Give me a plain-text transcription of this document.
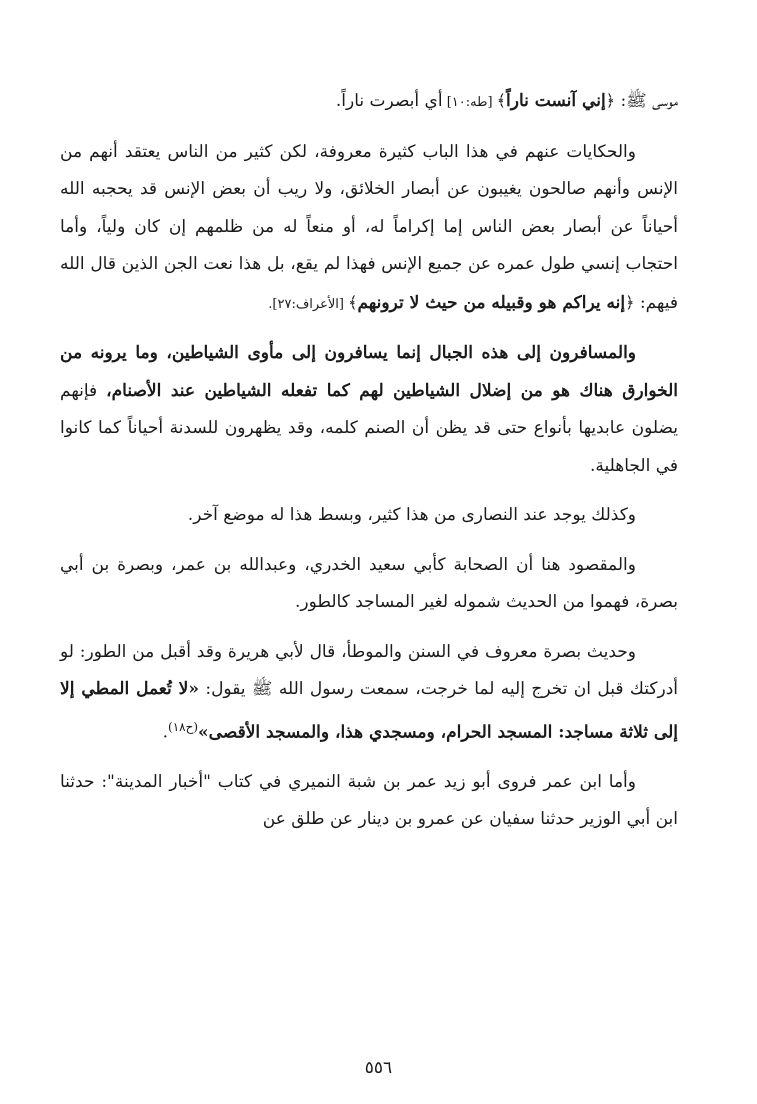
موسى ﷺ: ﴿إني آنست ناراً﴾ [طه:١٠] أي أبصرت ناراً.

والحكايات عنهم في هذا الباب كثيرة معروفة، لكن كثير من الناس يعتقد أنهم من الإنس وأنهم صالحون يغيبون عن أبصار الخلائق، ولا ريب أن بعض الإنس قد يحجبه الله أحياناً عن أبصار بعض الناس إما إكراماً له، أو منعاً له من ظلمهم إن كان ولياً، وأما احتجاب إنسي طول عمره عن جميع الإنس فهذا لم يقع، بل هذا نعت الجن الذين قال الله فيهم: ﴿إنه يراكم هو وقبيله من حيث لا ترونهم﴾ [الأعراف:٢٧].

والمسافرون إلى هذه الجبال إنما يسافرون إلى مأوى الشياطين، وما يرونه من الخوارق هناك هو من إضلال الشياطين لهم كما تفعله الشياطين عند الأصنام، فإنهم يضلون عابديها بأنواع حتى قد يظن أن الصنم كلمه، وقد يظهرون للسدنة أحياناً كما كانوا في الجاهلية.

وكذلك يوجد عند النصارى من هذا كثير، وبسط هذا له موضع آخر.

والمقصود هنا أن الصحابة كأبي سعيد الخدري، وعبدالله بن عمر، وبصرة بن أبي بصرة، فهموا من الحديث شموله لغير المساجد كالطور.

وحديث بصرة معروف في السنن والموطأ، قال لأبي هريرة وقد أقبل من الطور: لو أدركتك قبل ان تخرج إليه لما خرجت، سمعت رسول الله ﷺ يقول: «لا تُعمل المطي إلا إلى ثلاثة مساجد: المسجد الحرام، ومسجدي هذا، والمسجد الأقصى»$^{(ح١٨)}$.

وأما ابن عمر فروى أبو زيد عمر بن شبة النميري في كتاب "أخبار المدينة": حدثنا ابن أبي الوزير حدثنا سفيان عن عمرو بن دينار عن طلق عن

٥٥٦
